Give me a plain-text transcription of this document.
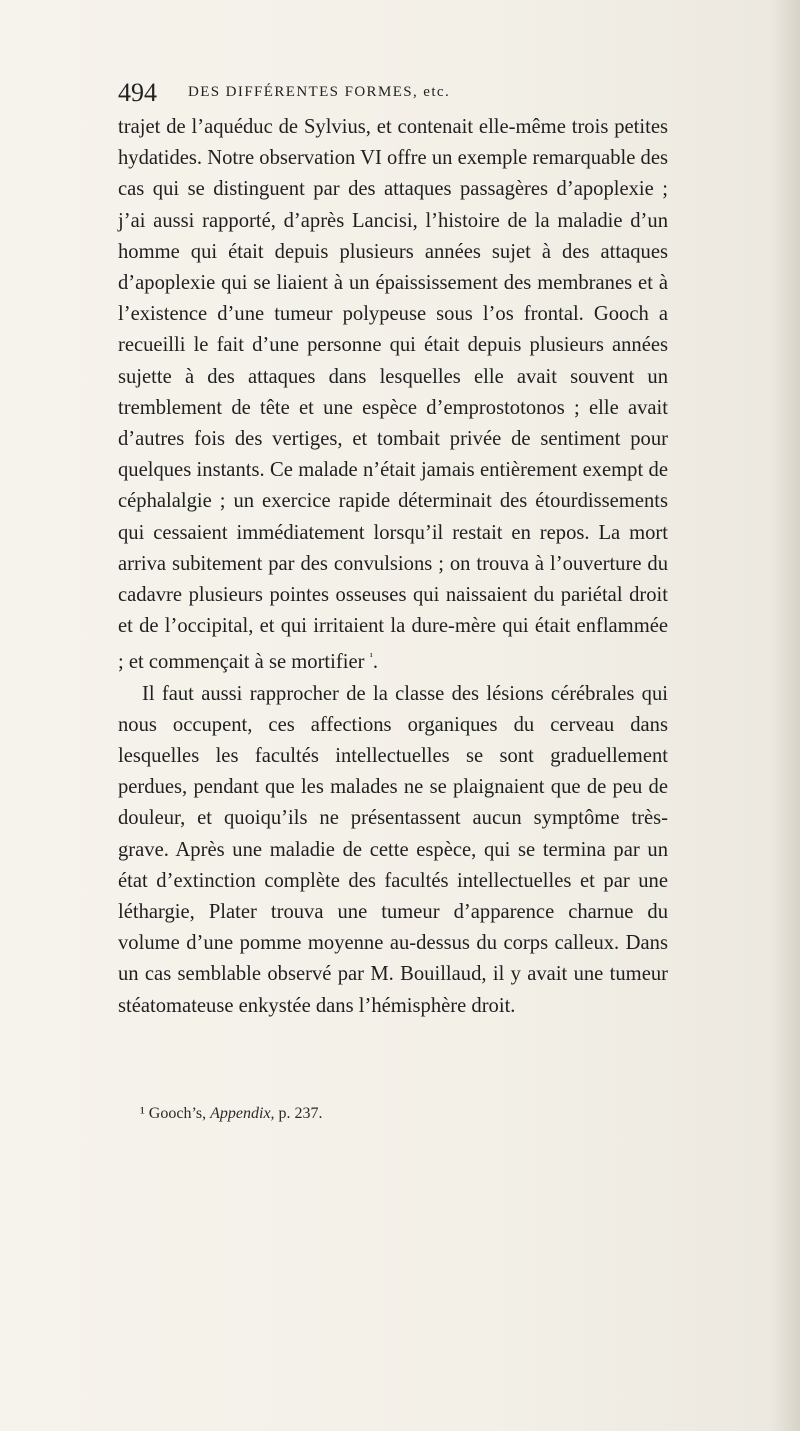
494 DES DIFFÉRENTES FORMES, etc.

trajet de l’aquéduc de Sylvius, et contenait elle-même trois petites hydatides. Notre observation VI offre un exemple remarquable des cas qui se distinguent par des attaques passagères d’apoplexie ; j’ai aussi rapporté, d’après Lancisi, l’histoire de la maladie d’un homme qui était depuis plusieurs années sujet à des attaques d’apoplexie qui se liaient à un épaississement des membranes et à l’existence d’une tumeur polypeuse sous l’os frontal. Gooch a recueilli le fait d’une personne qui était depuis plusieurs années sujette à des attaques dans lesquelles elle avait souvent un tremblement de tête et une espèce d’emprostotonos ; elle avait d’autres fois des vertiges, et tombait privée de sentiment pour quelques instants. Ce malade n’était jamais entièrement exempt de céphalalgie ; un exercice rapide déterminait des étourdissements qui cessaient immédiatement lorsqu’il restait en repos. La mort arriva subitement par des convulsions ; on trouva à l’ouverture du cadavre plusieurs pointes osseuses qui naissaient du pariétal droit et de l’occipital, et qui irritaient la dure-mère qui était enflammée ; et commençait à se mortifier $^{^1}$.

Il faut aussi rapprocher de la classe des lésions cérébrales qui nous occupent, ces affections organiques du cerveau dans lesquelles les facultés intellectuelles se sont graduellement perdues, pendant que les malades ne se plaignaient que de peu de douleur, et quoiqu’ils ne présentassent aucun symptôme très-grave. Après une maladie de cette espèce, qui se termina par un état d’extinction complète des facultés intellectuelles et par une léthargie, Plater trouva une tumeur d’apparence charnue du volume d’une pomme moyenne au-dessus du corps calleux. Dans un cas semblable observé par M. Bouillaud, il y avait une tumeur stéatomateuse enkystée dans l’hémisphère droit.

¹ Gooch’s, Appendix, p. 237.
